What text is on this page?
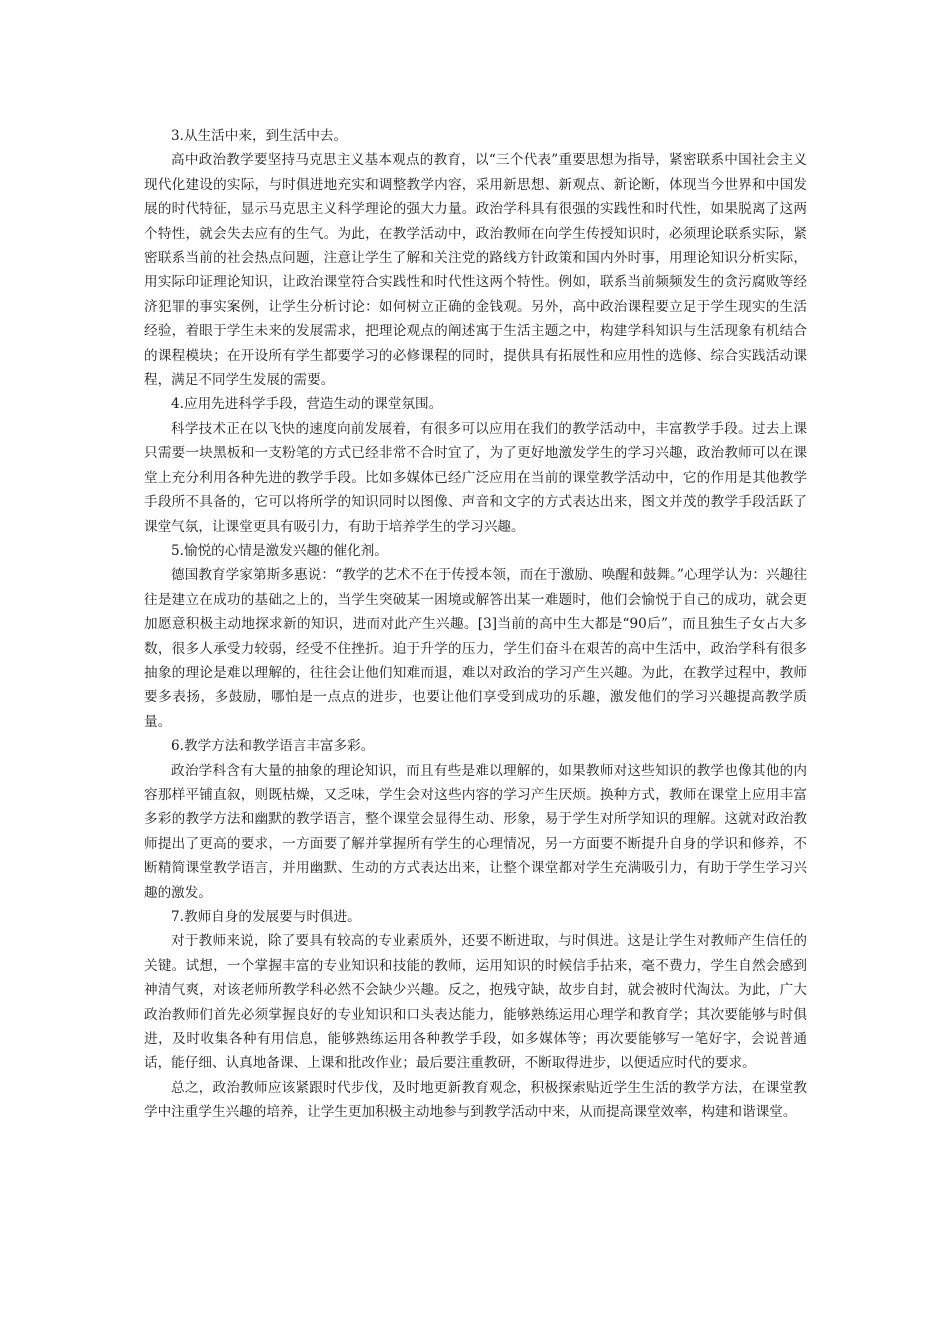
3.从生活中来，到生活中去。

高中政治教学要坚持马克思主义基本观点的教育，以“三个代表”重要思想为指导，紧密联系中国社会主义现代化建设的实际，与时俱进地充实和调整教学内容，采用新思想、新观点、新论断，体现当今世界和中国发展的时代特征，显示马克思主义科学理论的强大力量。政治学科具有很强的实践性和时代性，如果脱离了这两个特性，就会失去应有的生气。为此，在教学活动中，政治教师在向学生传授知识时，必须理论联系实际，紧密联系当前的社会热点问题，注意让学生了解和关注党的路线方针政策和国内外时事，用理论知识分析实际，用实际印证理论知识，让政治课堂符合实践性和时代性这两个特性。例如，联系当前频频发生的贪污腐败等经济犯罪的事实案例，让学生分析讨论：如何树立正确的金钱观。另外，高中政治课程要立足于学生现实的生活经验，着眼于学生未来的发展需求，把理论观点的阐述寓于生活主题之中，构建学科知识与生活现象有机结合的课程模块；在开设所有学生都要学习的必修课程的同时，提供具有拓展性和应用性的选修、综合实践活动课程，满足不同学生发展的需要。

4.应用先进科学手段，营造生动的课堂氛围。

科学技术正在以飞快的速度向前发展着，有很多可以应用在我们的教学活动中，丰富教学手段。过去上课只需要一块黑板和一支粉笔的方式已经非常不合时宜了，为了更好地激发学生的学习兴趣，政治教师可以在课堂上充分利用各种先进的教学手段。比如多媒体已经广泛应用在当前的课堂教学活动中，它的作用是其他教学手段所不具备的，它可以将所学的知识同时以图像、声音和文字的方式表达出来，图文并茂的教学手段活跃了课堂气氛，让课堂更具有吸引力，有助于培养学生的学习兴趣。

5.愉悦的心情是激发兴趣的催化剂。

德国教育学家第斯多惠说：“教学的艺术不在于传授本领，而在于激励、唤醒和鼓舞。”心理学认为：兴趣往往是建立在成功的基础之上的，当学生突破某一困境或解答出某一难题时，他们会愉悦于自己的成功，就会更加愿意积极主动地探求新的知识，进而对此产生兴趣。[3]当前的高中生大都是“90后”，而且独生子女占大多数，很多人承受力较弱，经受不住挫折。迫于升学的压力，学生们奋斗在艰苦的高中生活中，政治学科有很多抽象的理论是难以理解的，往往会让他们知难而退，难以对政治的学习产生兴趣。为此，在教学过程中，教师要多表扬，多鼓励，哪怕是一点点的进步，也要让他们享受到成功的乐趣，激发他们的学习兴趣提高教学质量。

6.教学方法和教学语言丰富多彩。

政治学科含有大量的抽象的理论知识，而且有些是难以理解的，如果教师对这些知识的教学也像其他的内容那样平铺直叙，则既枯燥，又乏味，学生会对这些内容的学习产生厌烦。换种方式，教师在课堂上应用丰富多彩的教学方法和幽默的教学语言，整个课堂会显得生动、形象，易于学生对所学知识的理解。这就对政治教师提出了更高的要求，一方面要了解并掌握所有学生的心理情况，另一方面要不断提升自身的学识和修养，不断精简课堂教学语言，并用幽默、生动的方式表达出来，让整个课堂都对学生充满吸引力，有助于学生学习兴趣的激发。

7.教师自身的发展要与时俱进。

对于教师来说，除了要具有较高的专业素质外，还要不断进取，与时俱进。这是让学生对教师产生信任的关键。试想，一个掌握丰富的专业知识和技能的教师，运用知识的时候信手拈来，毫不费力，学生自然会感到神清气爽，对该老师所教学科必然不会缺少兴趣。反之，抱残守缺，故步自封，就会被时代淘汰。为此，广大政治教师们首先必须掌握良好的专业知识和口头表达能力，能够熟练运用心理学和教育学；其次要能够与时俱进，及时收集各种有用信息，能够熟练运用各种教学手段，如多媒体等；再次要能够写一笔好字，会说普通话，能仔细、认真地备课、上课和批改作业；最后要注重教研，不断取得进步，以便适应时代的要求。

总之，政治教师应该紧跟时代步伐，及时地更新教育观念，积极探索贴近学生生活的教学方法，在课堂教学中注重学生兴趣的培养，让学生更加积极主动地参与到教学活动中来，从而提高课堂效率，构建和谐课堂。
